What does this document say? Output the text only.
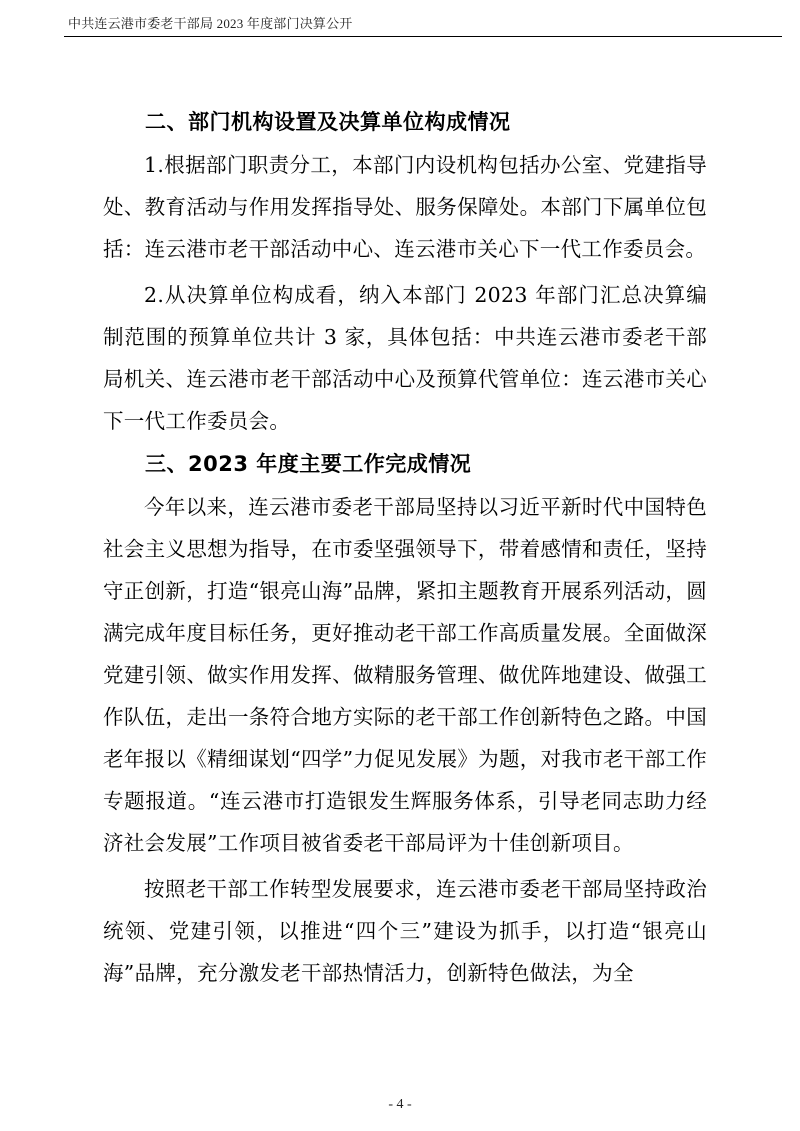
中共连云港市委老干部局 2023 年度部门决算公开
二、部门机构设置及决算单位构成情况

1.根据部门职责分工，本部门内设机构包括办公室、党建指导处、教育活动与作用发挥指导处、服务保障处。本部门下属单位包括：连云港市老干部活动中心、连云港市关心下一代工作委员会。

2.从决算单位构成看，纳入本部门 2023 年部门汇总决算编制范围的预算单位共计 3 家，具体包括：中共连云港市委老干部局机关、连云港市老干部活动中心及预算代管单位：连云港市关心下一代工作委员会。

三、2023 年度主要工作完成情况

今年以来，连云港市委老干部局坚持以习近平新时代中国特色社会主义思想为指导，在市委坚强领导下，带着感情和责任，坚持守正创新，打造“银亮山海”品牌，紧扣主题教育开展系列活动，圆满完成年度目标任务，更好推动老干部工作高质量发展。全面做深党建引领、做实作用发挥、做精服务管理、做优阵地建设、做强工作队伍，走出一条符合地方实际的老干部工作创新特色之路。中国老年报以《精细谋划“四学”力促见发展》为题，对我市老干部工作专题报道。“连云港市打造银发生辉服务体系，引导老同志助力经济社会发展”工作项目被省委老干部局评为十佳创新项目。

按照老干部工作转型发展要求，连云港市委老干部局坚持政治统领、党建引领，以推进“四个三”建设为抓手，以打造“银亮山海”品牌，充分激发老干部热情活力，创新特色做法，为全

- 4 -
